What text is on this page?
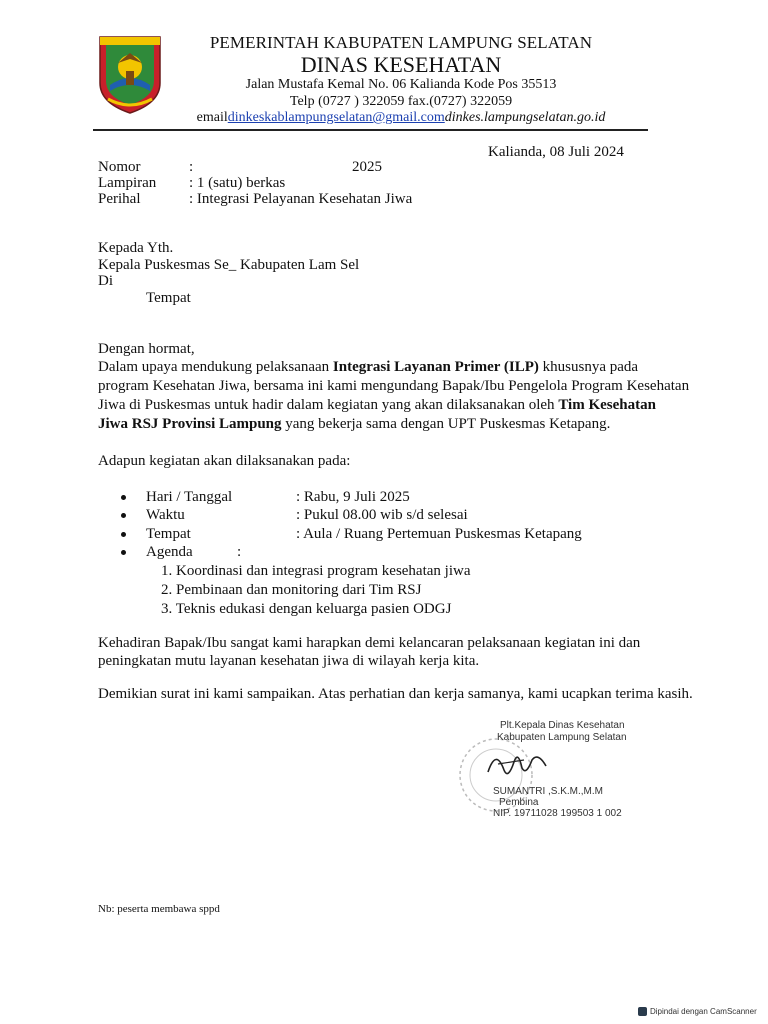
PEMERINTAH KABUPATEN LAMPUNG SELATAN
DINAS KESEHATAN
Jalan Mustafa Kemal No. 06 Kalianda Kode Pos 35513
Telp (0727 ) 322059 fax.(0727) 322059
emaildinkeskablampungselatan@gmail.comdinkes.lampungselatan.go.id
Kalianda, 08 Juli 2024
Nomor	:	2025
Lampiran : 1 (satu) berkas
Perihal	: Integrasi Pelayanan Kesehatan Jiwa
Kepada Yth.
Kepala Puskesmas Se_ Kabupaten Lam Sel
Di
Tempat
Dengan hormat,
Dalam upaya mendukung pelaksanaan Integrasi Layanan Primer (ILP) khususnya pada
program Kesehatan Jiwa, bersama ini kami mengundang Bapak/Ibu Pengelola Program Kesehatan
Jiwa di Puskesmas untuk hadir dalam kegiatan yang akan dilaksanakan oleh Tim Kesehatan
Jiwa RSJ Provinsi Lampung yang bekerja sama dengan UPT Puskesmas Ketapang.
Adapun kegiatan akan dilaksanakan pada:
Hari / Tanggal	: Rabu, 9 Juli 2025
Waktu	: Pukul 08.00 wib s/d selesai
Tempat	: Aula / Ruang Pertemuan Puskesmas Ketapang
Agenda	:
1. Koordinasi dan integrasi program kesehatan jiwa
2. Pembinaan dan monitoring dari Tim RSJ
3. Teknis edukasi dengan keluarga pasien ODGJ
Kehadiran Bapak/Ibu sangat kami harapkan demi kelancaran pelaksanaan kegiatan ini dan
peningkatan mutu layanan kesehatan jiwa di wilayah kerja kita.
Demikian surat ini kami sampaikan. Atas perhatian dan kerja samanya, kami ucapkan terima kasih.
Plt.Kepala Dinas Kesehatan
Kabupaten Lampung Selatan
SUMANTRI ,S.K.M.,M.M
Pembina
NIP. 19711028 199503 1 002
Nb: peserta membawa sppd
Dipindai dengan CamScanner
